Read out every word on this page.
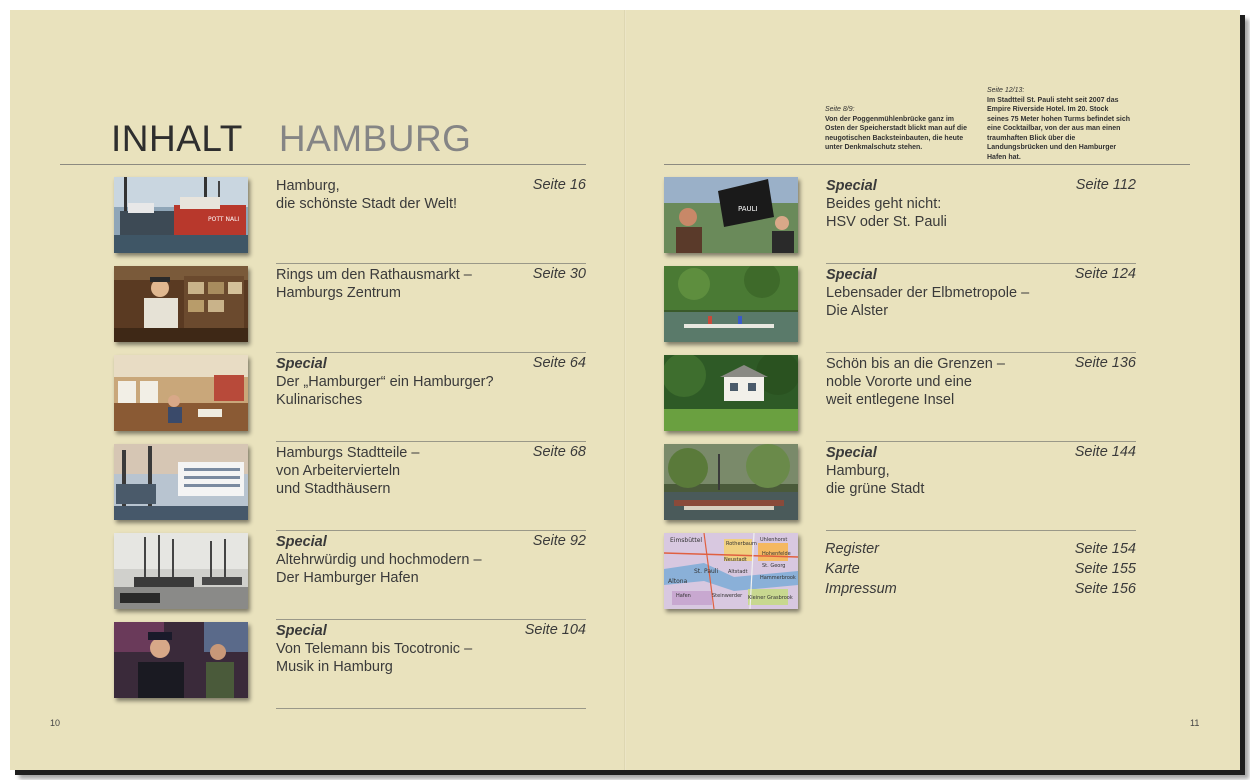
INHALT HAMBURG
Seite 8/9:
Von der Poggenmühlenbrücke ganz im Osten der Speicherstadt blickt man auf die neugotischen Backsteinbauten, die heute unter Denkmalschutz stehen.
Seite 12/13:
Im Stadtteil St. Pauli steht seit 2007 das Empire Riverside Hotel. Im 20. Stock seines 75 Meter hohen Turms befindet sich eine Cocktailbar, von der aus man einen traumhaften Blick über die Landungsbrücken und den Hamburger Hafen hat.
POTT NALI
Hamburg,
die schönste Stadt der Welt!
Seite 16
Rings um den Rathausmarkt –
Hamburgs Zentrum
Seite 30
Special
Der „Hamburger“ ein Hamburger?
Kulinarisches
Seite 64
Hamburgs Stadtteile –
von Arbeitervierteln
und Stadthäusern
Seite 68
Special
Altehrwürdig und hochmodern –
Der Hamburger Hafen
Seite 92
Special
Von Telemann bis Tocotronic –
Musik in Hamburg
Seite 104
PAULI
Special
Beides geht nicht:
HSV oder St. Pauli
Seite 112
Special
Lebensader der Elbmetropole –
Die Alster
Seite 124
Schön bis an die Grenzen –
noble Vororte und eine
weit entlegene Insel
Seite 136
Special
Hamburg,
die grüne Stadt
Seite 144
Eimsbüttel
St. Pauli
Altona
Uhlenhorst
Hohenfelde
St. Georg
Hammerbrook
Rotherbaum
Neustadt
Altstadt
Hafen	Steinwerder Kleiner Grasbrook
Register	Seite 154
Karte	Seite 155
Impressum	Seite 156
10	11
